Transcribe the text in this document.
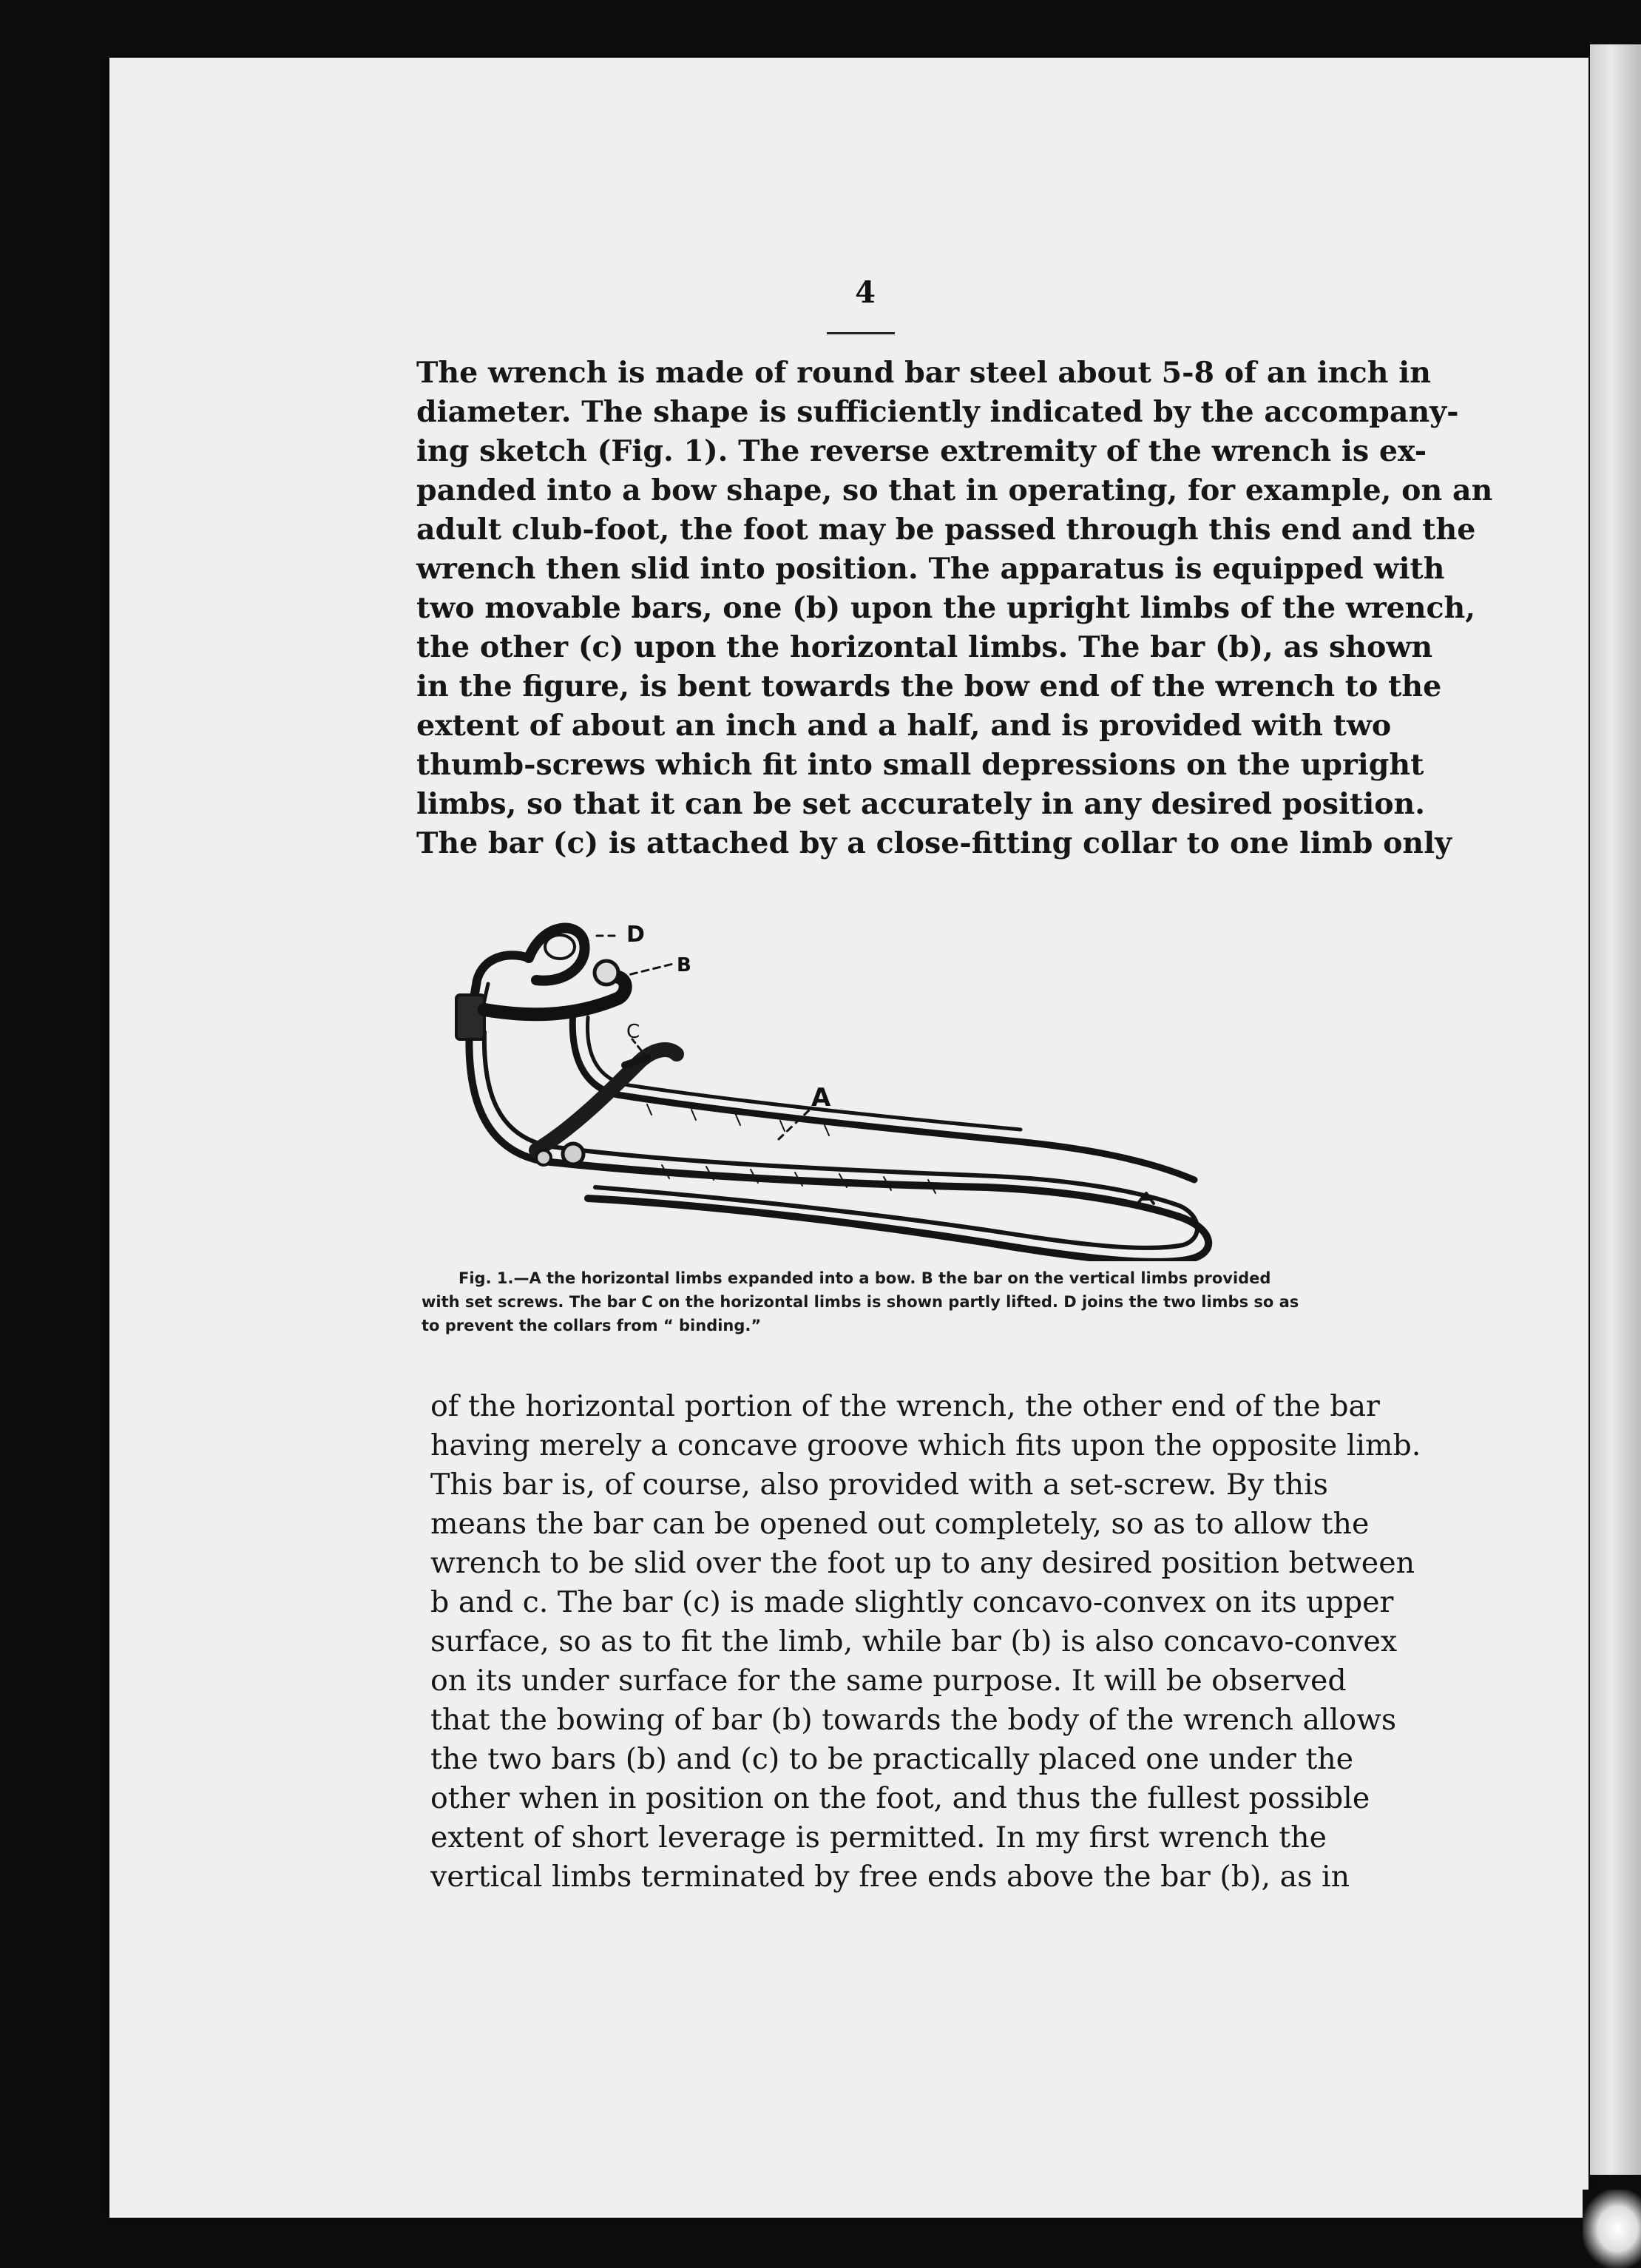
4

The wrench is made of round bar steel about 5-8 of an inch in
diameter. The shape is sufficiently indicated by the accompany-
ing sketch (Fig. 1). The reverse extremity of the wrench is ex-
panded into a bow shape, so that in operating, for example, on an
adult club-foot, the foot may be passed through this end and the
wrench then slid into position. The apparatus is equipped with
two movable bars, one (b) upon the upright limbs of the wrench,
the other (c) upon the horizontal limbs. The bar (b), as shown
in the figure, is bent towards the bow end of the wrench to the
extent of about an inch and a half, and is provided with two
thumb-screws which fit into small depressions on the upright
limbs, so that it can be set accurately in any desired position.
The bar (c) is attached by a close-fitting collar to one limb only

D
B
C
A

Fig. 1.—A the horizontal limbs expanded into a bow. B the bar on the vertical limbs provided
with set screws. The bar C on the horizontal limbs is shown partly lifted. D joins the two limbs so as
to prevent the collars from “ binding.”

of the horizontal portion of the wrench, the other end of the bar
having merely a concave groove which fits upon the opposite limb.
This bar is, of course, also provided with a set-screw. By this
means the bar can be opened out completely, so as to allow the
wrench to be slid over the foot up to any desired position between
b and c. The bar (c) is made slightly concavo-convex on its upper
surface, so as to fit the limb, while bar (b) is also concavo-convex
on its under surface for the same purpose. It will be observed
that the bowing of bar (b) towards the body of the wrench allows
the two bars (b) and (c) to be practically placed one under the
other when in position on the foot, and thus the fullest possible
extent of short leverage is permitted. In my first wrench the
vertical limbs terminated by free ends above the bar (b), as in
